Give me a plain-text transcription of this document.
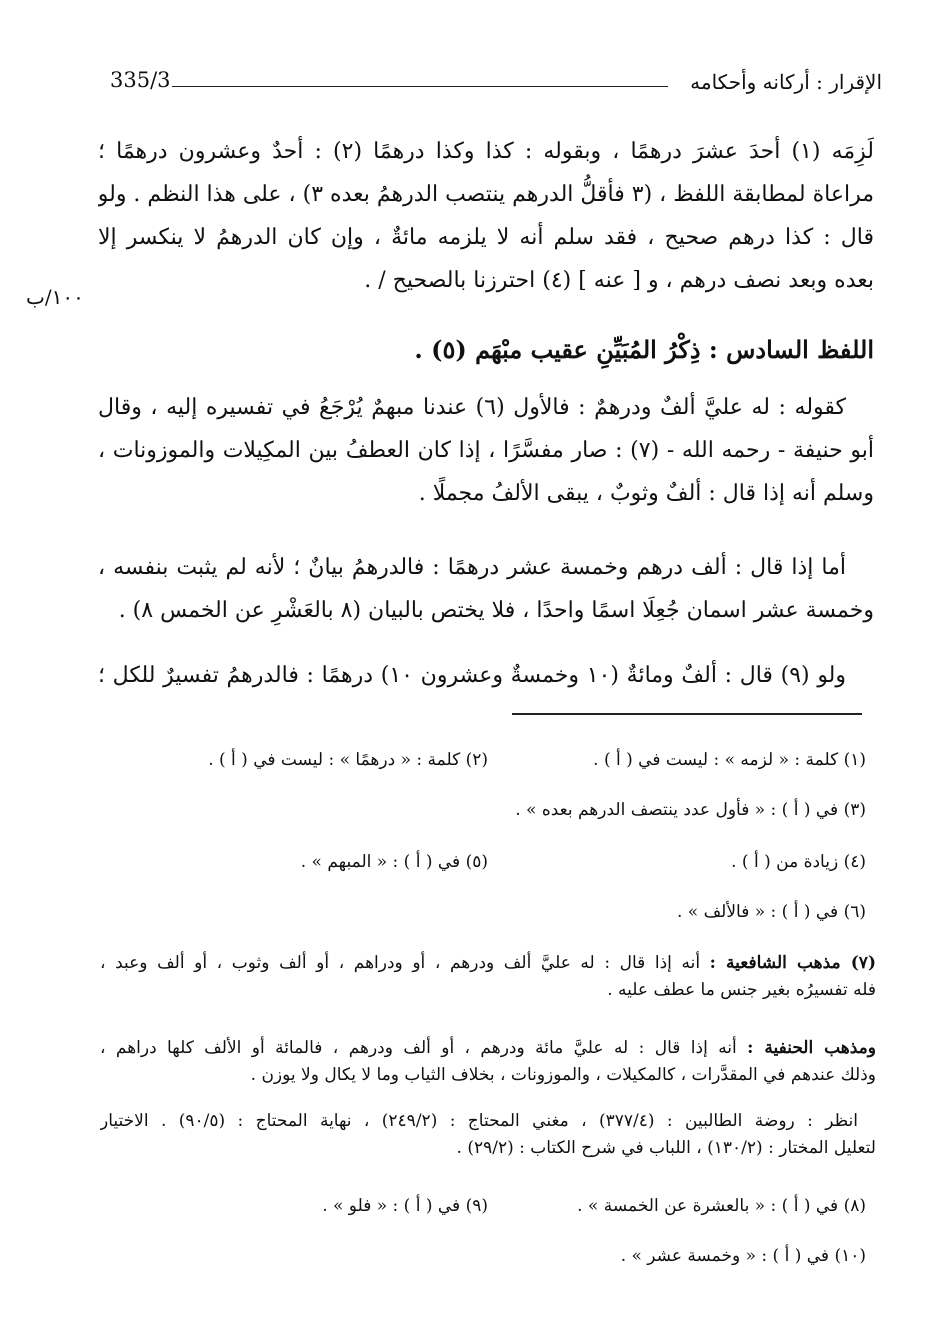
335/3	الإقرار : أركانه وأحكامه
١٠٠/ب
لَزِمَه (١) أحدَ عشرَ درهمًا ، وبقوله : كذا وكذا درهمًا (٢) : أحدٌ وعشرون درهمًا ؛
مراعاة لمطابقة اللفظ ، (٣ فأقلُّ الدرهم ينتصب الدرهمُ بعده ٣) ، على هذا النظم . ولو
قال : كذا درهم صحيح ، فقد سلم أنه لا يلزمه مائةٌ ، وإن كان الدرهمُ لا ينكسر إلا
بعده وبعد نصف درهم ، و [ عنه ] (٤) احترزنا بالصحيح / .
اللفظ السادس : ذِكْرُ المُبَيِّنِ عقيب مبْهَم (٥) .
كقوله : له عليَّ ألفٌ ودرهمٌ : فالأول (٦) عندنا مبهمٌ يُرْجَعُ في تفسيره إليه ، وقال
أبو حنيفة - رحمه الله - (٧) : صار مفسَّرًا ، إذا كان العطفُ بين المكِيلات والموزونات ،
وسلم أنه إذا قال : ألفٌ وثوبٌ ، يبقى الألفُ مجملًا .
أما إذا قال : ألف درهم وخمسة عشر درهمًا : فالدرهمُ بيانٌ ؛ لأنه لم يثبت بنفسه ،
وخمسة عشر اسمان جُعِلَا اسمًا واحدًا ، فلا يختص بالبيان (٨ بالعَشْرِ عن الخمس ٨) .
ولو (٩) قال : ألفٌ ومائةٌ (١٠ وخمسةٌ وعشرون ١٠) درهمًا : فالدرهمُ تفسيرٌ للكل ؛
(١) كلمة : « لزمه » : ليست في ( أ ) .
(٢) كلمة : « درهمًا » : ليست في ( أ ) .
(٣) في ( أ ) : « فأول عدد ينتصف الدرهم بعده » .
(٤) زيادة من ( أ ) .
(٥) في ( أ ) : « المبهم » .
(٦) في ( أ ) : « فالألف » .
(٧) مذهب الشافعية : أنه إذا قال : له عليَّ ألف ودرهم ، أو ودراهم ، أو ألف وثوب ، أو ألف وعبد ،
فله تفسيرُه بغير جنس ما عطف عليه .
ومذهب الحنفية : أنه إذا قال : له عليَّ مائة ودرهم ، أو ألف ودرهم ، فالمائة أو الألف كلها دراهم ،
وذلك عندهم في المقدَّرات ، كالمكيلات ، والموزونات ، بخلاف الثياب وما لا يكال ولا يوزن .
انظر : روضة الطالبين : (٣٧٧/٤) ، مغني المحتاج : (٢٤٩/٢) ، نهاية المحتاج : (٩٠/٥) . الاختيار
لتعليل المختار : (١٣٠/٢) ، اللباب في شرح الكتاب : (٢٩/٢) .
(٨) في ( أ ) : « بالعشرة عن الخمسة » .
(٩) في ( أ ) : « فلو » .
(١٠) في ( أ ) : « وخمسة عشر » .
